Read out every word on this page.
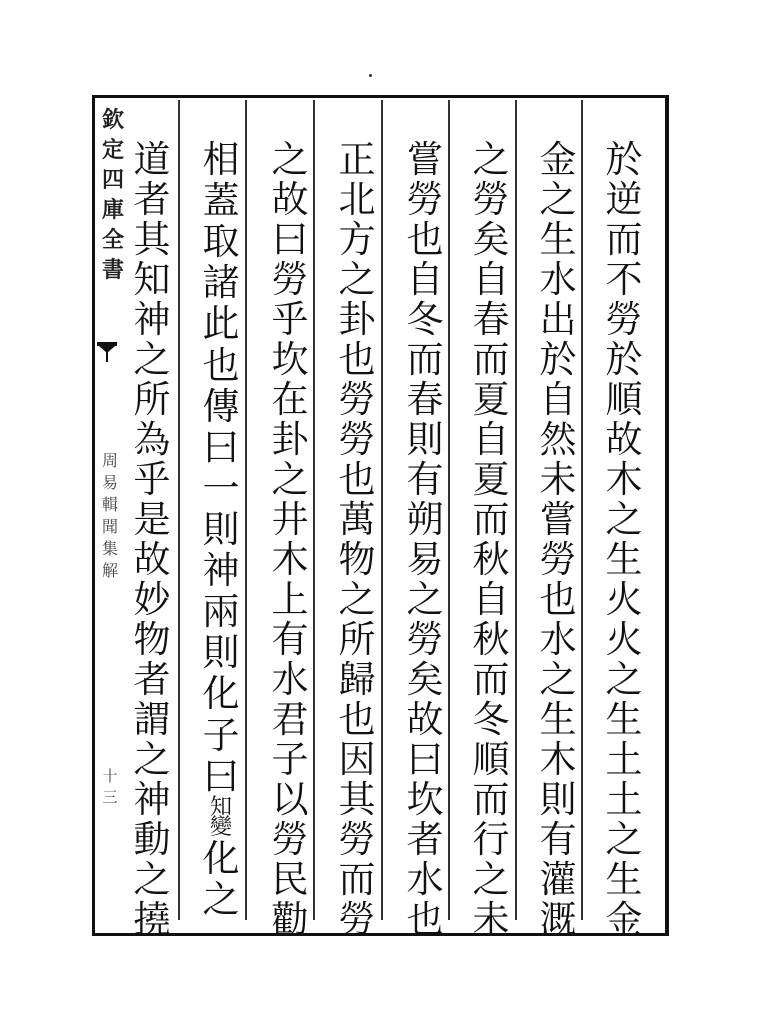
欽
定
四
庫
全
書
周
易
輯
聞
集
解
十三
於
逆
而
不
勞
於
順
故
木
之
生
火
火
之
生
土
土
之
生
金
金
之
生
水
出
於
自
然
未
嘗
勞
也
水
之
生
木
則
有
灌
溉
之
勞
矣
自
春
而
夏
自
夏
而
秋
自
秋
而
冬
順
而
行
之
未
嘗
勞
也
自
冬
而
春
則
有
朔
易
之
勞
矣
故
曰
坎
者
水
也
正
北
方
之
卦
也
勞
勞
也
萬
物
之
所
歸
也
因
其
勞
而
勞
之
故
曰
勞
乎
坎
在
卦
之
井
木
上
有
水
君
子
以
勞
民
勸
相
蓋
取
諸
此
也
傳
曰
一
則
神
兩
則
化
子
曰
知
變
化
之
道
者
其
知
神
之
所
為
乎
是
故
妙
物
者
謂
之
神
動
之
撓
